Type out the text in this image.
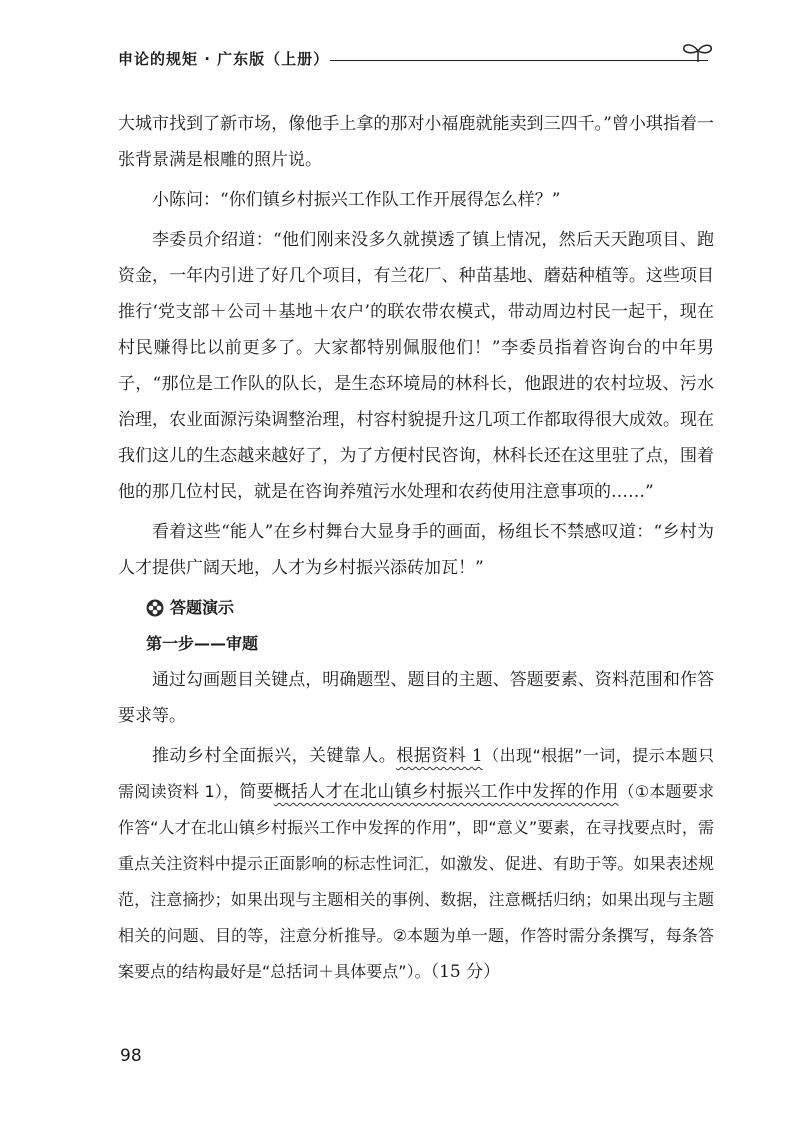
申论的规矩 · 广东版（上册）

大城市找到了新市场，像他手上拿的那对小福鹿就能卖到三四千。”曾小琪指着一张背景满是根雕的照片说。

小陈问：“你们镇乡村振兴工作队工作开展得怎么样？”

李委员介绍道：“他们刚来没多久就摸透了镇上情况，然后天天跑项目、跑资金，一年内引进了好几个项目，有兰花厂、种苗基地、蘑菇种植等。这些项目推行‘党支部＋公司＋基地＋农户’的联农带农模式，带动周边村民一起干，现在村民赚得比以前更多了。大家都特别佩服他们！”李委员指着咨询台的中年男子，“那位是工作队的队长，是生态环境局的林科长，他跟进的农村垃圾、污水治理，农业面源污染调整治理，村容村貌提升这几项工作都取得很大成效。现在我们这儿的生态越来越好了，为了方便村民咨询，林科长还在这里驻了点，围着他的那几位村民，就是在咨询养殖污水处理和农药使用注意事项的……”

看着这些“能人”在乡村舞台大显身手的画面，杨组长不禁感叹道：“乡村为人才提供广阔天地，人才为乡村振兴添砖加瓦！”

答题演示
第一步——审题

通过勾画题目关键点，明确题型、题目的主题、答题要素、资料范围和作答要求等。

推动乡村全面振兴，关键靠人。根据资料 1（出现“根据”一词，提示本题只需阅读资料 1），简要概括人才在北山镇乡村振兴工作中发挥的作用（①本题要求作答“人才在北山镇乡村振兴工作中发挥的作用”，即“意义”要素，在寻找要点时，需重点关注资料中提示正面影响的标志性词汇，如激发、促进、有助于等。如果表述规范，注意摘抄；如果出现与主题相关的事例、数据，注意概括归纳；如果出现与主题相关的问题、目的等，注意分析推导。②本题为单一题，作答时需分条撰写，每条答案要点的结构最好是“总括词＋具体要点”）。（15 分）

98
